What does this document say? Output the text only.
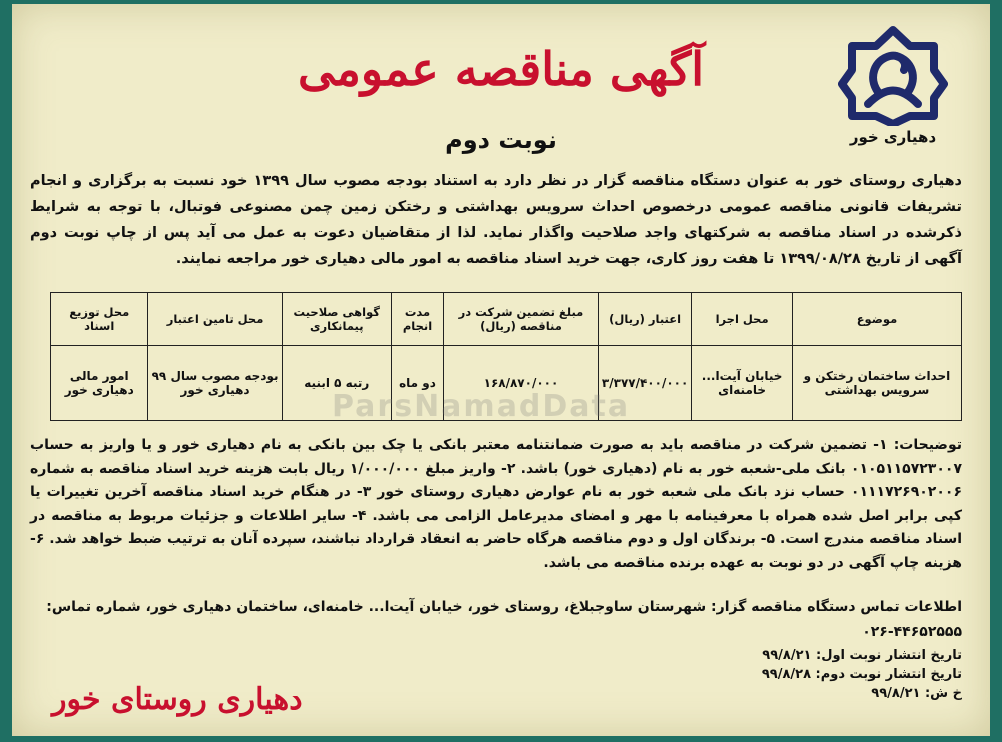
دهیاری خور
آگهی مناقصه عمومی
نوبت دوم
دهیاری روستای خور به عنوان دستگاه مناقصه گزار در نظر دارد به استناد بودجه مصوب سال ۱۳۹۹ خود نسبت به برگزاری و انجام تشریفات قانونی مناقصه عمومی درخصوص احداث سرویس بهداشتی و رختکن زمین چمن مصنوعی فوتبال، با توجه به شرایط ذکرشده در اسناد مناقصه به شرکتهای واجد صلاحیت واگذار نماید. لذا از متقاضیان دعوت به عمل می آید پس از چاپ نوبت دوم آگهی از تاریخ ۱۳۹۹/۰۸/۲۸ تا هفت روز کاری، جهت خرید اسناد مناقصه به امور مالی دهیاری خور مراجعه نمایند.
موضوع	محل اجرا	اعتبار (ریال)	مبلغ تضمین شرکت در مناقصه (ریال)	مدت انجام	گواهی صلاحیت پیمانکاری	محل تامین اعتبار	محل توزیع اسناد
احداث ساختمان رختکن و سرویس بهداشتی	خیابان آیت‌ا... خامنه‌ای	۳/۳۷۷/۴۰۰/۰۰۰	۱۶۸/۸۷۰/۰۰۰	دو ماه	رتبه ۵ ابنیه	بودجه مصوب سال ۹۹ دهیاری خور	امور مالی دهیاری خور	ParsNamadData
توضیحات: ۱- تضمین شرکت در مناقصه باید به صورت ضمانتنامه معتبر بانکی یا چک بین بانکی به نام دهیاری خور و یا واریز به حساب ۰۱۰۵۱۱۵۷۲۳۰۰۷ بانک ملی-شعبه خور به نام (دهیاری خور) باشد. ۲- واریز مبلغ ۱/۰۰۰/۰۰۰ ریال بابت هزینه خرید اسناد مناقصه به شماره ۰۱۱۱۷۲۶۹۰۲۰۰۶ حساب نزد بانک ملی شعبه خور به نام عوارض دهیاری روستای خور ۳- در هنگام خرید اسناد مناقصه آخرین تغییرات یا کپی برابر اصل شده همراه با معرفینامه با مهر و امضای مدیرعامل الزامی می باشد. ۴- سایر اطلاعات و جزئیات مربوط به مناقصه در اسناد مناقصه مندرج است. ۵- برندگان اول و دوم مناقصه هرگاه حاضر به انعقاد قرارداد نباشند، سپرده آنان به ترتیب ضبط خواهد شد. ۶- هزینه چاپ آگهی در دو نوبت به عهده برنده مناقصه می باشد.
اطلاعات تماس دستگاه مناقصه گزار: شهرستان ساوجبلاغ، روستای خور، خیابان آیت‌ا... خامنه‌ای، ساختمان دهیاری خور، شماره تماس:
۰۲۶-۴۴۶۵۲۵۵۵
تاریخ انتشار نوبت اول: ۹۹/۸/۲۱
تاریخ انتشار نوبت دوم: ۹۹/۸/۲۸
خ ش: ۹۹/۸/۲۱
دهیاری روستای خور
